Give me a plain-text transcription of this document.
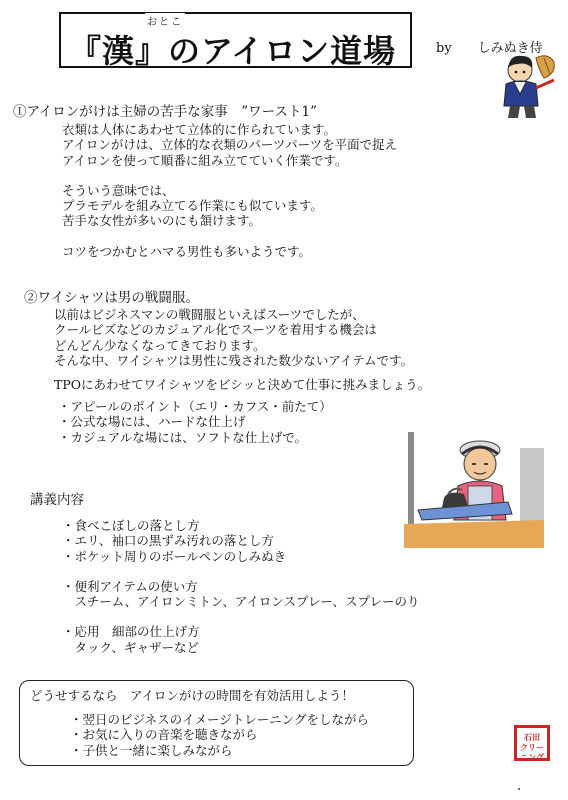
おとこ
『漢』のアイロン道場	by　　しみぬき侍
①アイロンがけは主婦の苦手な家事　”ワースト1”
衣類は人体にあわせて立体的に作られています。
アイロンがけは、立体的な衣類のパーツパーツを平面で捉え
アイロンを使って順番に組み立てていく作業です。
そういう意味では、
プラモデルを組み立てる作業にも似ています。
苦手な女性が多いのにも頷けます。
コツをつかむとハマる男性も多いようです。
②ワイシャツは男の戦闘服。
以前はビジネスマンの戦闘服といえばスーツでしたが、
クールビズなどのカジュアル化でスーツを着用する機会は
どんどん少なくなってきております。
そんな中、ワイシャツは男性に残された数少ないアイテムです。
TPOにあわせてワイシャツをビシッと決めて仕事に挑みましょう。
・アピールのポイント（エリ・カフス・前たて）
・公式な場には、ハードな仕上げ
・カジュアルな場には、ソフトな仕上げで。
講義内容
・食べこぼしの落とし方
・エリ、袖口の黒ずみ汚れの落とし方
・ポケット周りのボールペンのしみぬき
・便利アイテムの使い方
　スチーム、アイロンミトン、アイロンスプレー、スプレーのり
・応用　細部の仕上げ方
　タック、ギャザーなど
どうせするなら　アイロンがけの時間を有効活用しよう！
・翌日のビジネスのイメージトレーニングをしながら
・お気に入りの音楽を聴きながら
・子供と一緒に楽しみながら
石田
クリー
ニング
